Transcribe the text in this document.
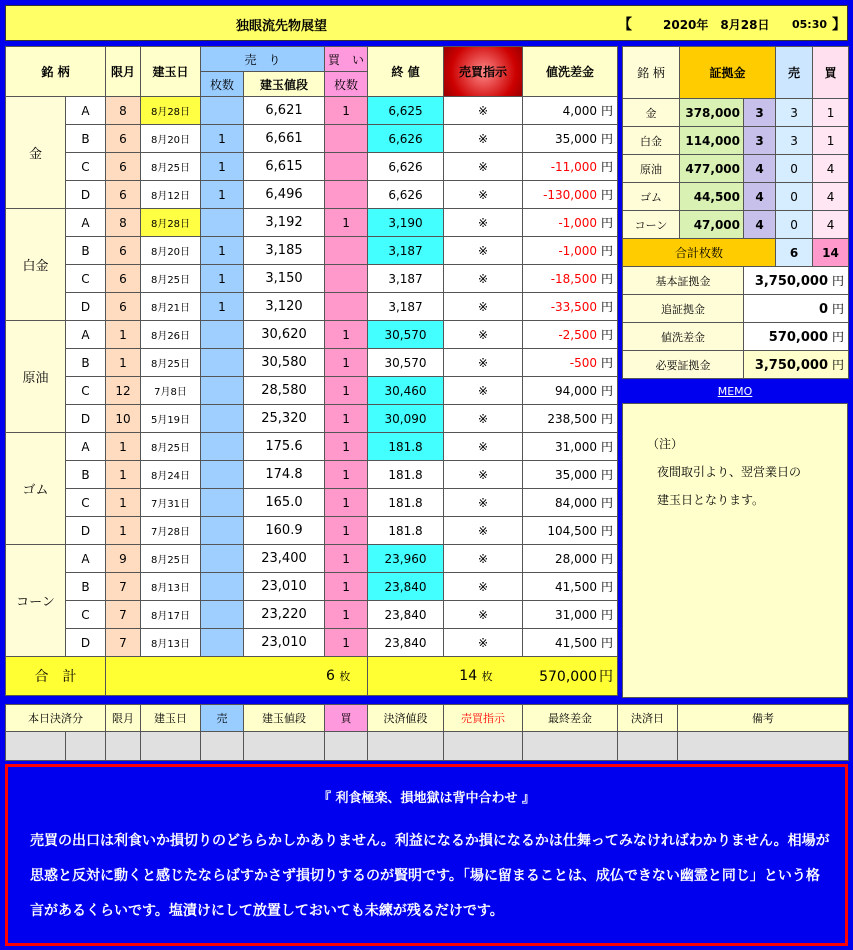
独眼流先物展望	【	2020年　8月28日 05:30 】
銘 柄		限月	建玉日	売　り		買　い	終 値	売買指示	値洗差金
				枚数	建玉値段	枚数			
金	A	8	8月28日		6,621	1	6,625	※	4,000 円
	B	6	8月20日	1	6,661		6,626	※	35,000 円
	C	6	8月25日	1	6,615		6,626	※	-11,000 円
	D	6	8月12日	1	6,496		6,626	※	-130,000 円
白金	A	8	8月28日		3,192	1	3,190	※	-1,000 円
	B	6	8月20日	1	3,185		3,187	※	-1,000 円
	C	6	8月25日	1	3,150		3,187	※	-18,500 円
	D	6	8月21日	1	3,120		3,187	※	-33,500 円
原油	A	1	8月26日		30,620	1	30,570	※	-2,500 円
	B	1	8月25日		30,580	1	30,570	※	-500 円
	C	12	7月8日		28,580	1	30,460	※	94,000 円
	D	10	5月19日		25,320	1	30,090	※	238,500 円
ゴム	A	1	8月25日		175.6	1	181.8	※	31,000 円
	B	1	8月24日		174.8	1	181.8	※	35,000 円
	C	1	7月31日		165.0	1	181.8	※	84,000 円
	D	1	7月28日		160.9	1	181.8	※	104,500 円
コーン	A	9	8月25日		23,400	1	23,960	※	28,000 円
	B	7	8月13日		23,010	1	23,840	※	41,500 円
	C	7	8月17日		23,220	1	23,840	※	31,000 円
	D	7	8月13日		23,010	1	23,840	※	41,500 円
合　計		6 枚 14 枚					570,000 円		
銘 柄	証拠金		売	買
金	378,000	3	3	1
白金	114,000	3	3	1
原油	477,000	4	0	4
ゴム	44,500	4	0	4
コーン	47,000	4	0	4
合計枚数			6	14
基本証拠金		3,750,000 円		
追証拠金		0 円		
値洗差金		570,000 円		
必要証拠金		3,750,000 円		
MEMO
（注）
夜間取引より、翌営業日の
建玉日となります。
本日決済分		限月	建玉日	売	建玉値段	買	決済値段	売買指示	最終差金	決済日	備考

『 利食極楽、損地獄は背中合わせ 』
売買の出口は利食いか損切りのどちらかしかありません。利益になるか損になるかは仕舞ってみなければわかりません。相場が思惑と反対に動くと感じたならばすかさず損切りするのが賢明です。「場に留まることは、成仏できない幽霊と同じ」という格言があるくらいです。塩漬けにして放置しておいても未練が残るだけです。
